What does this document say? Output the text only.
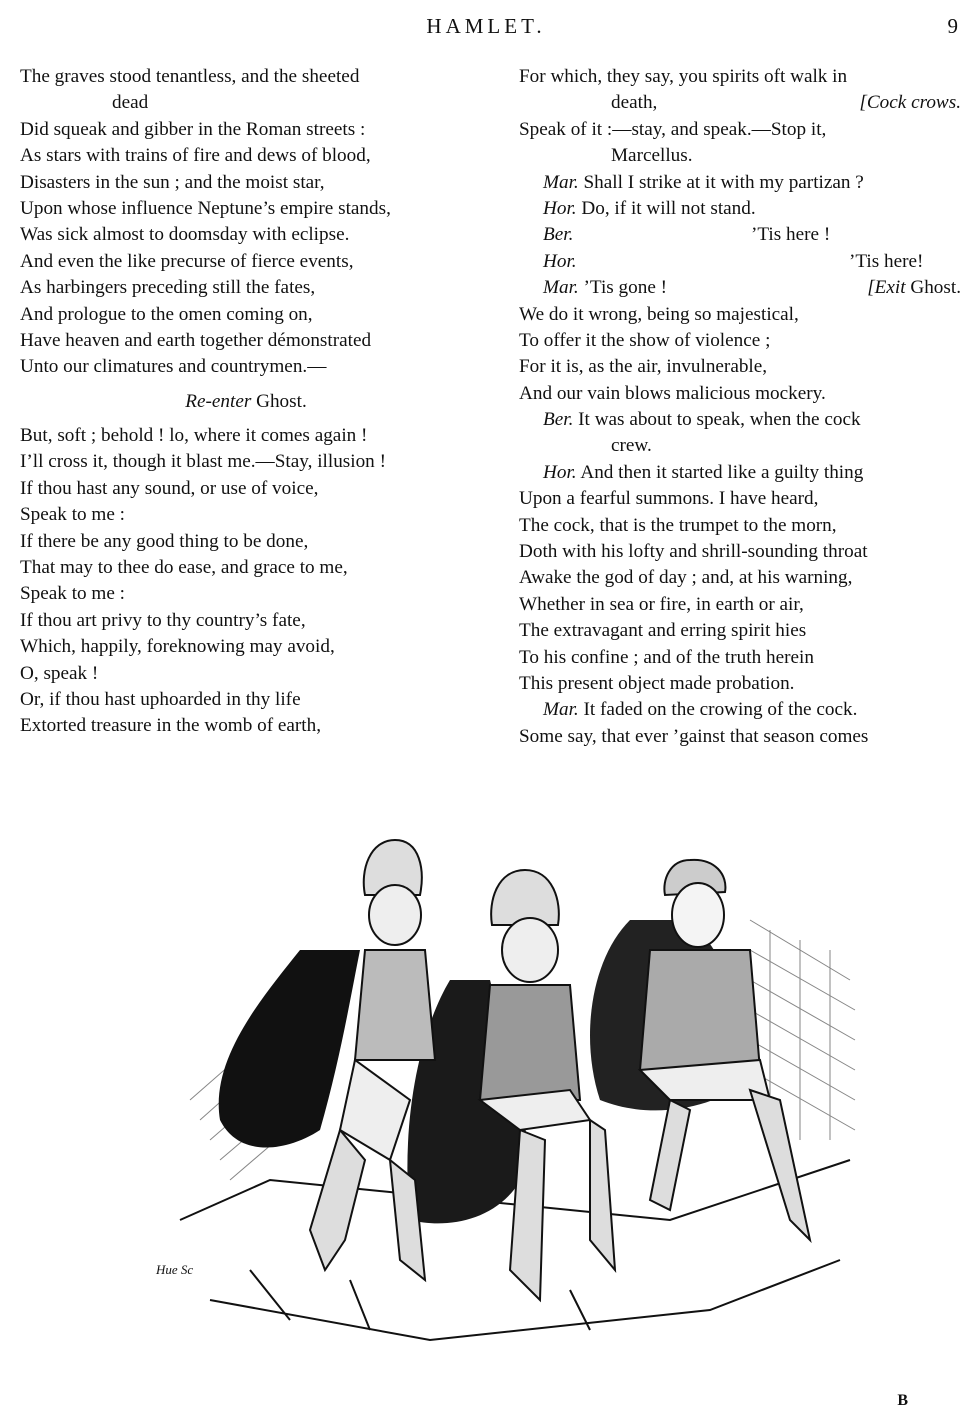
HAMLET.	9
The graves stood tenantless, and the sheeted
dead
Did squeak and gibber in the Roman streets :
As stars with trains of fire and dews of blood,
Disasters in the sun ; and the moist star,
Upon whose influence Neptune’s empire stands,
Was sick almost to doomsday with eclipse.
And even the like precurse of fierce events,
As harbingers preceding still the fates,
And prologue to the omen coming on,
Have heaven and earth together démonstrated
Unto our climatures and countrymen.—
Re-enter Ghost.
But, soft ; behold ! lo, where it comes again !
I’ll cross it, though it blast me.—Stay, illusion !
If thou hast any sound, or use of voice,
Speak to me :
If there be any good thing to be done,
That may to thee do ease, and grace to me,
Speak to me :
If thou art privy to thy country’s fate,
Which, happily, foreknowing may avoid,
O, speak !
Or, if thou hast uphoarded in thy life
Extorted treasure in the womb of earth,
For which, they say, you spirits oft walk in
death,	[Cock crows.
Speak of it :—stay, and speak.—Stop it,
Marcellus.
Mar. Shall I strike at it with my partizan ?
Hor. Do, if it will not stand.
Ber.	’Tis here !
Hor.	’Tis here!
Mar. ’Tis gone !	[Exit Ghost.
We do it wrong, being so majestical,
To offer it the show of violence ;
For it is, as the air, invulnerable,
And our vain blows malicious mockery.
Ber. It was about to speak, when the cock
crew.
Hor. And then it started like a guilty thing
Upon a fearful summons. I have heard,
The cock, that is the trumpet to the morn,
Doth with his lofty and shrill-sounding throat
Awake the god of day ; and, at his warning,
Whether in sea or fire, in earth or air,
The extravagant and erring spirit hies
To his confine ; and of the truth herein
This present object made probation.
Mar. It faded on the crowing of the cock.
Some say, that ever ’gainst that season comes
Hue Sc
B
